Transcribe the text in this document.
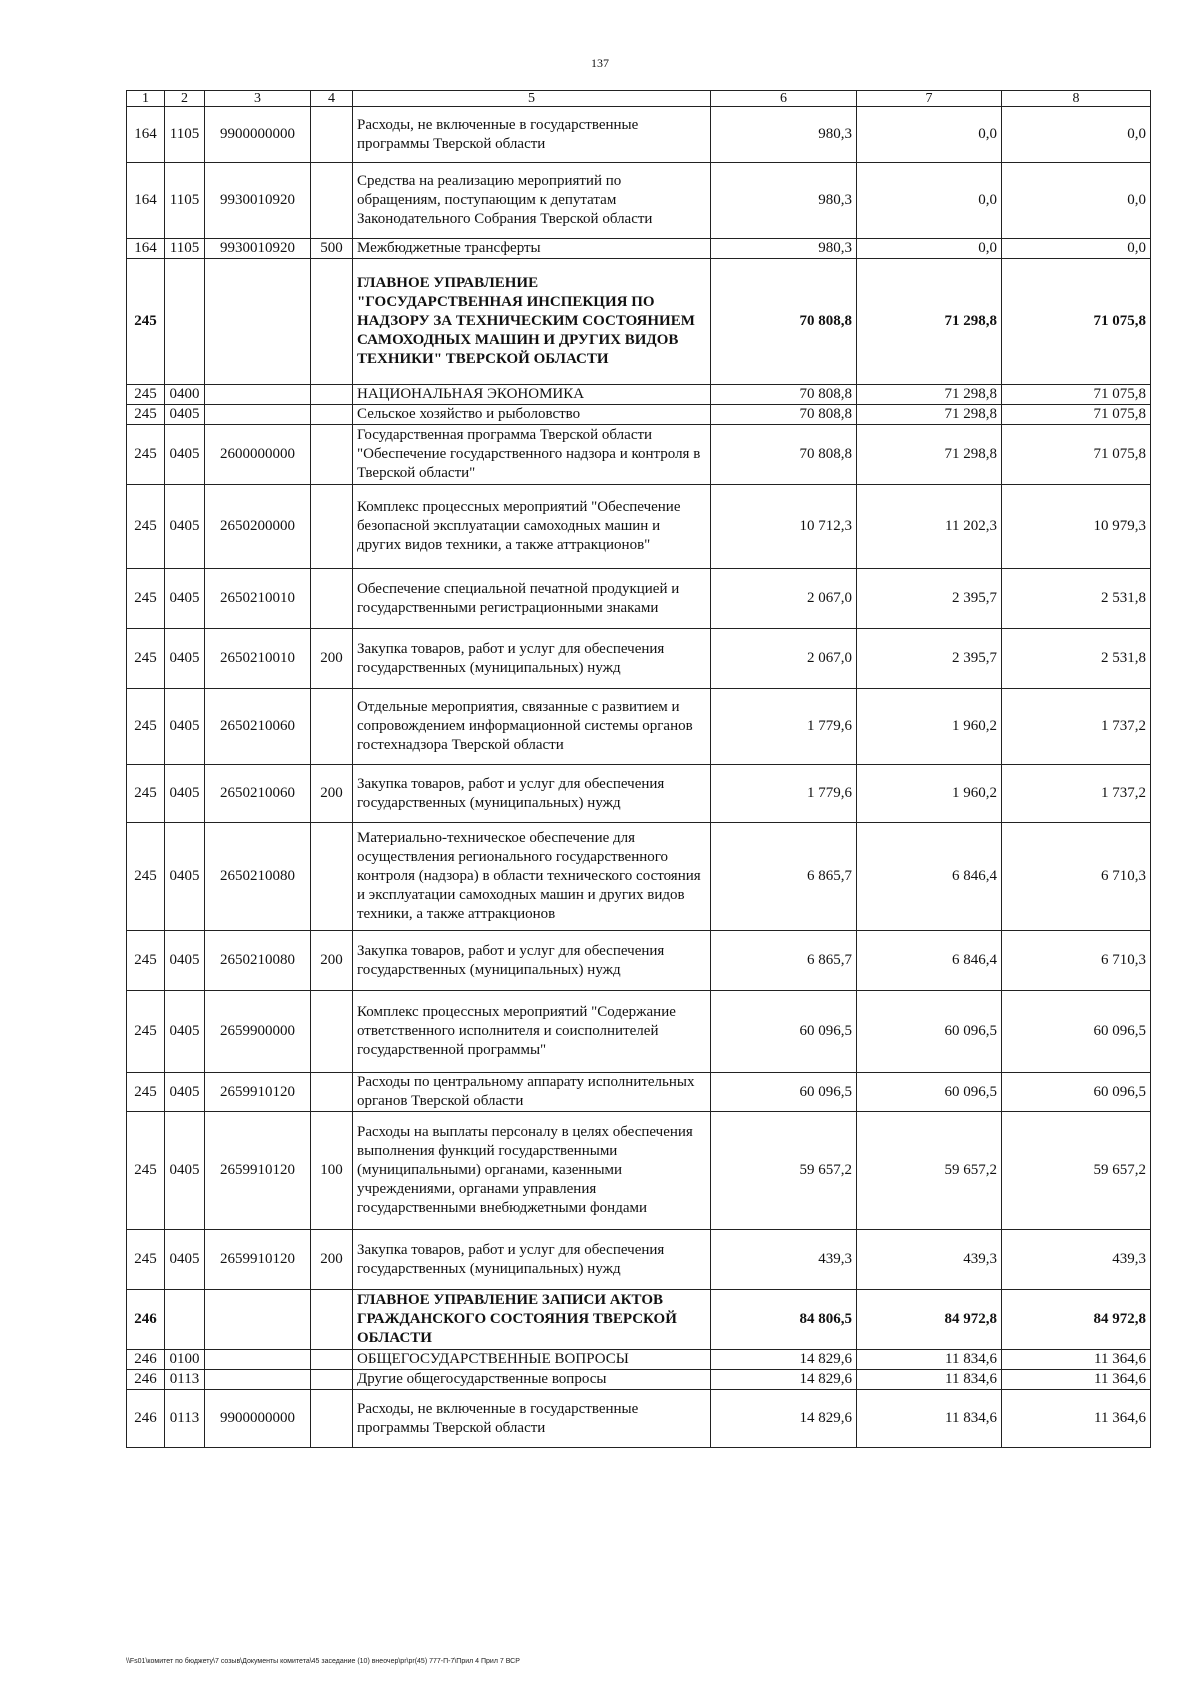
137
1	2	3	4	5	6	7	8
164	1105	9900000000		Расходы, не включенные в государственные программы Тверской области	980,3	0,0	0,0
164	1105	9930010920		Средства на реализацию мероприятий по обращениям, поступающим к депутатам Законодательного Собрания Тверской области	980,3	0,0	0,0
164	1105	9930010920	500	Межбюджетные трансферты	980,3	0,0	0,0
245				ГЛАВНОЕ УПРАВЛЕНИЕ "ГОСУДАРСТВЕННАЯ ИНСПЕКЦИЯ ПО НАДЗОРУ ЗА ТЕХНИЧЕСКИМ СОСТОЯНИЕМ САМОХОДНЫХ МАШИН И ДРУГИХ ВИДОВ ТЕХНИКИ" ТВЕРСКОЙ ОБЛАСТИ	70 808,8	71 298,8	71 075,8
245	0400			НАЦИОНАЛЬНАЯ ЭКОНОМИКА	70 808,8	71 298,8	71 075,8
245	0405			Сельское хозяйство и рыболовство	70 808,8	71 298,8	71 075,8
245	0405	2600000000		Государственная программа Тверской области "Обеспечение государственного надзора и контроля в Тверской области"	70 808,8	71 298,8	71 075,8
245	0405	2650200000		Комплекс процессных мероприятий "Обеспечение безопасной эксплуатации самоходных машин и других видов техники, а также аттракционов"	10 712,3	11 202,3	10 979,3
245	0405	2650210010		Обеспечение специальной печатной продукцией и государственными регистрационными знаками	2 067,0	2 395,7	2 531,8
245	0405	2650210010	200	Закупка товаров, работ и услуг для обеспечения государственных (муниципальных) нужд	2 067,0	2 395,7	2 531,8
245	0405	2650210060		Отдельные мероприятия, связанные с развитием и сопровождением информационной системы органов гостехнадзора Тверской области	1 779,6	1 960,2	1 737,2
245	0405	2650210060	200	Закупка товаров, работ и услуг для обеспечения государственных (муниципальных) нужд	1 779,6	1 960,2	1 737,2
245	0405	2650210080		Материально-техническое обеспечение для осуществления регионального государственного контроля (надзора) в области технического состояния и эксплуатации самоходных машин и других видов техники, а также аттракционов	6 865,7	6 846,4	6 710,3
245	0405	2650210080	200	Закупка товаров, работ и услуг для обеспечения государственных (муниципальных) нужд	6 865,7	6 846,4	6 710,3
245	0405	2659900000		Комплекс процессных мероприятий "Содержание ответственного исполнителя и соисполнителей государственной программы"	60 096,5	60 096,5	60 096,5
245	0405	2659910120		Расходы по центральному аппарату исполнительных органов Тверской области	60 096,5	60 096,5	60 096,5
245	0405	2659910120	100	Расходы на выплаты персоналу в целях обеспечения выполнения функций государственными (муниципальными) органами, казенными учреждениями, органами управления государственными внебюджетными фондами	59 657,2	59 657,2	59 657,2
245	0405	2659910120	200	Закупка товаров, работ и услуг для обеспечения государственных (муниципальных) нужд	439,3	439,3	439,3
246				ГЛАВНОЕ УПРАВЛЕНИЕ ЗАПИСИ АКТОВ ГРАЖДАНСКОГО СОСТОЯНИЯ ТВЕРСКОЙ ОБЛАСТИ	84 806,5	84 972,8	84 972,8
246	0100			ОБЩЕГОСУДАРСТВЕННЫЕ ВОПРОСЫ	14 829,6	11 834,6	11 364,6
246	0113			Другие общегосударственные вопросы	14 829,6	11 834,6	11 364,6
246	0113	9900000000		Расходы, не включенные в государственные программы Тверской области	14 829,6	11 834,6	11 364,6
\\Fs01\комитет по бюджету\7 созыв\Документы комитета\45 заседание (10) внеочер\pr\pr(45) 777-П-7\Прил 4 Прил 7 ВСР
